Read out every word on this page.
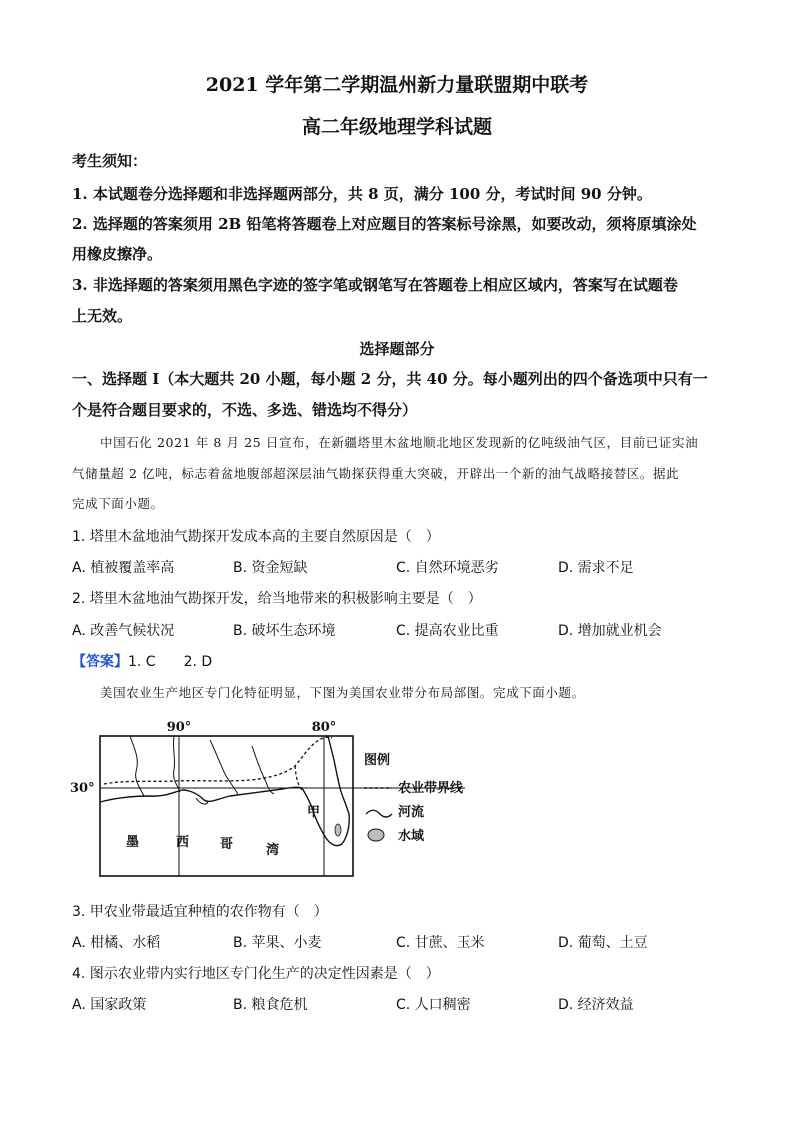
2021 学年第二学期温州新力量联盟期中联考
高二年级地理学科试题
考生须知：
1. 本试题卷分选择题和非选择题两部分，共 8 页，满分 100 分，考试时间 90 分钟。
2. 选择题的答案须用 2B 铅笔将答题卷上对应题目的答案标号涂黑，如要改动，须将原填涂处
用橡皮擦净。
3. 非选择题的答案须用黑色字迹的签字笔或钢笔写在答题卷上相应区域内，答案写在试题卷
上无效。
选择题部分
一、选择题 I（本大题共 20 小题，每小题 2 分，共 40 分。每小题列出的四个备选项中只有一
个是符合题目要求的，不选、多选、错选均不得分）
中国石化 2021 年 8 月 25 日宣布，在新疆塔里木盆地顺北地区发现新的亿吨级油气区，目前已证实油
气储量超 2 亿吨，标志着盆地腹部超深层油气勘探获得重大突破，开辟出一个新的油气战略接替区。据此
完成下面小题。
1. 塔里木盆地油气勘探开发成本高的主要自然原因是（　）
A. 植被覆盖率高	B. 资金短缺	C. 自然环境恶劣	D. 需求不足
2. 塔里木盆地油气勘探开发，给当地带来的积极影响主要是（　）
A. 改善气候状况	B. 破坏生态环境	C. 提高农业比重	D. 增加就业机会
【答案】1. C　　2. D
美国农业生产地区专门化特征明显，下图为美国农业带分布局部图。完成下面小题。
90°	80°
30°
墨	西 哥	湾
甲
图例
农业带界线
河流
水域
3. 甲农业带最适宜种植的农作物有（　）
A. 柑橘、水稻	B. 苹果、小麦	C. 甘蔗、玉米	D. 葡萄、土豆
4. 图示农业带内实行地区专门化生产的决定性因素是（　）
A. 国家政策	B. 粮食危机	C. 人口稠密	D. 经济效益
